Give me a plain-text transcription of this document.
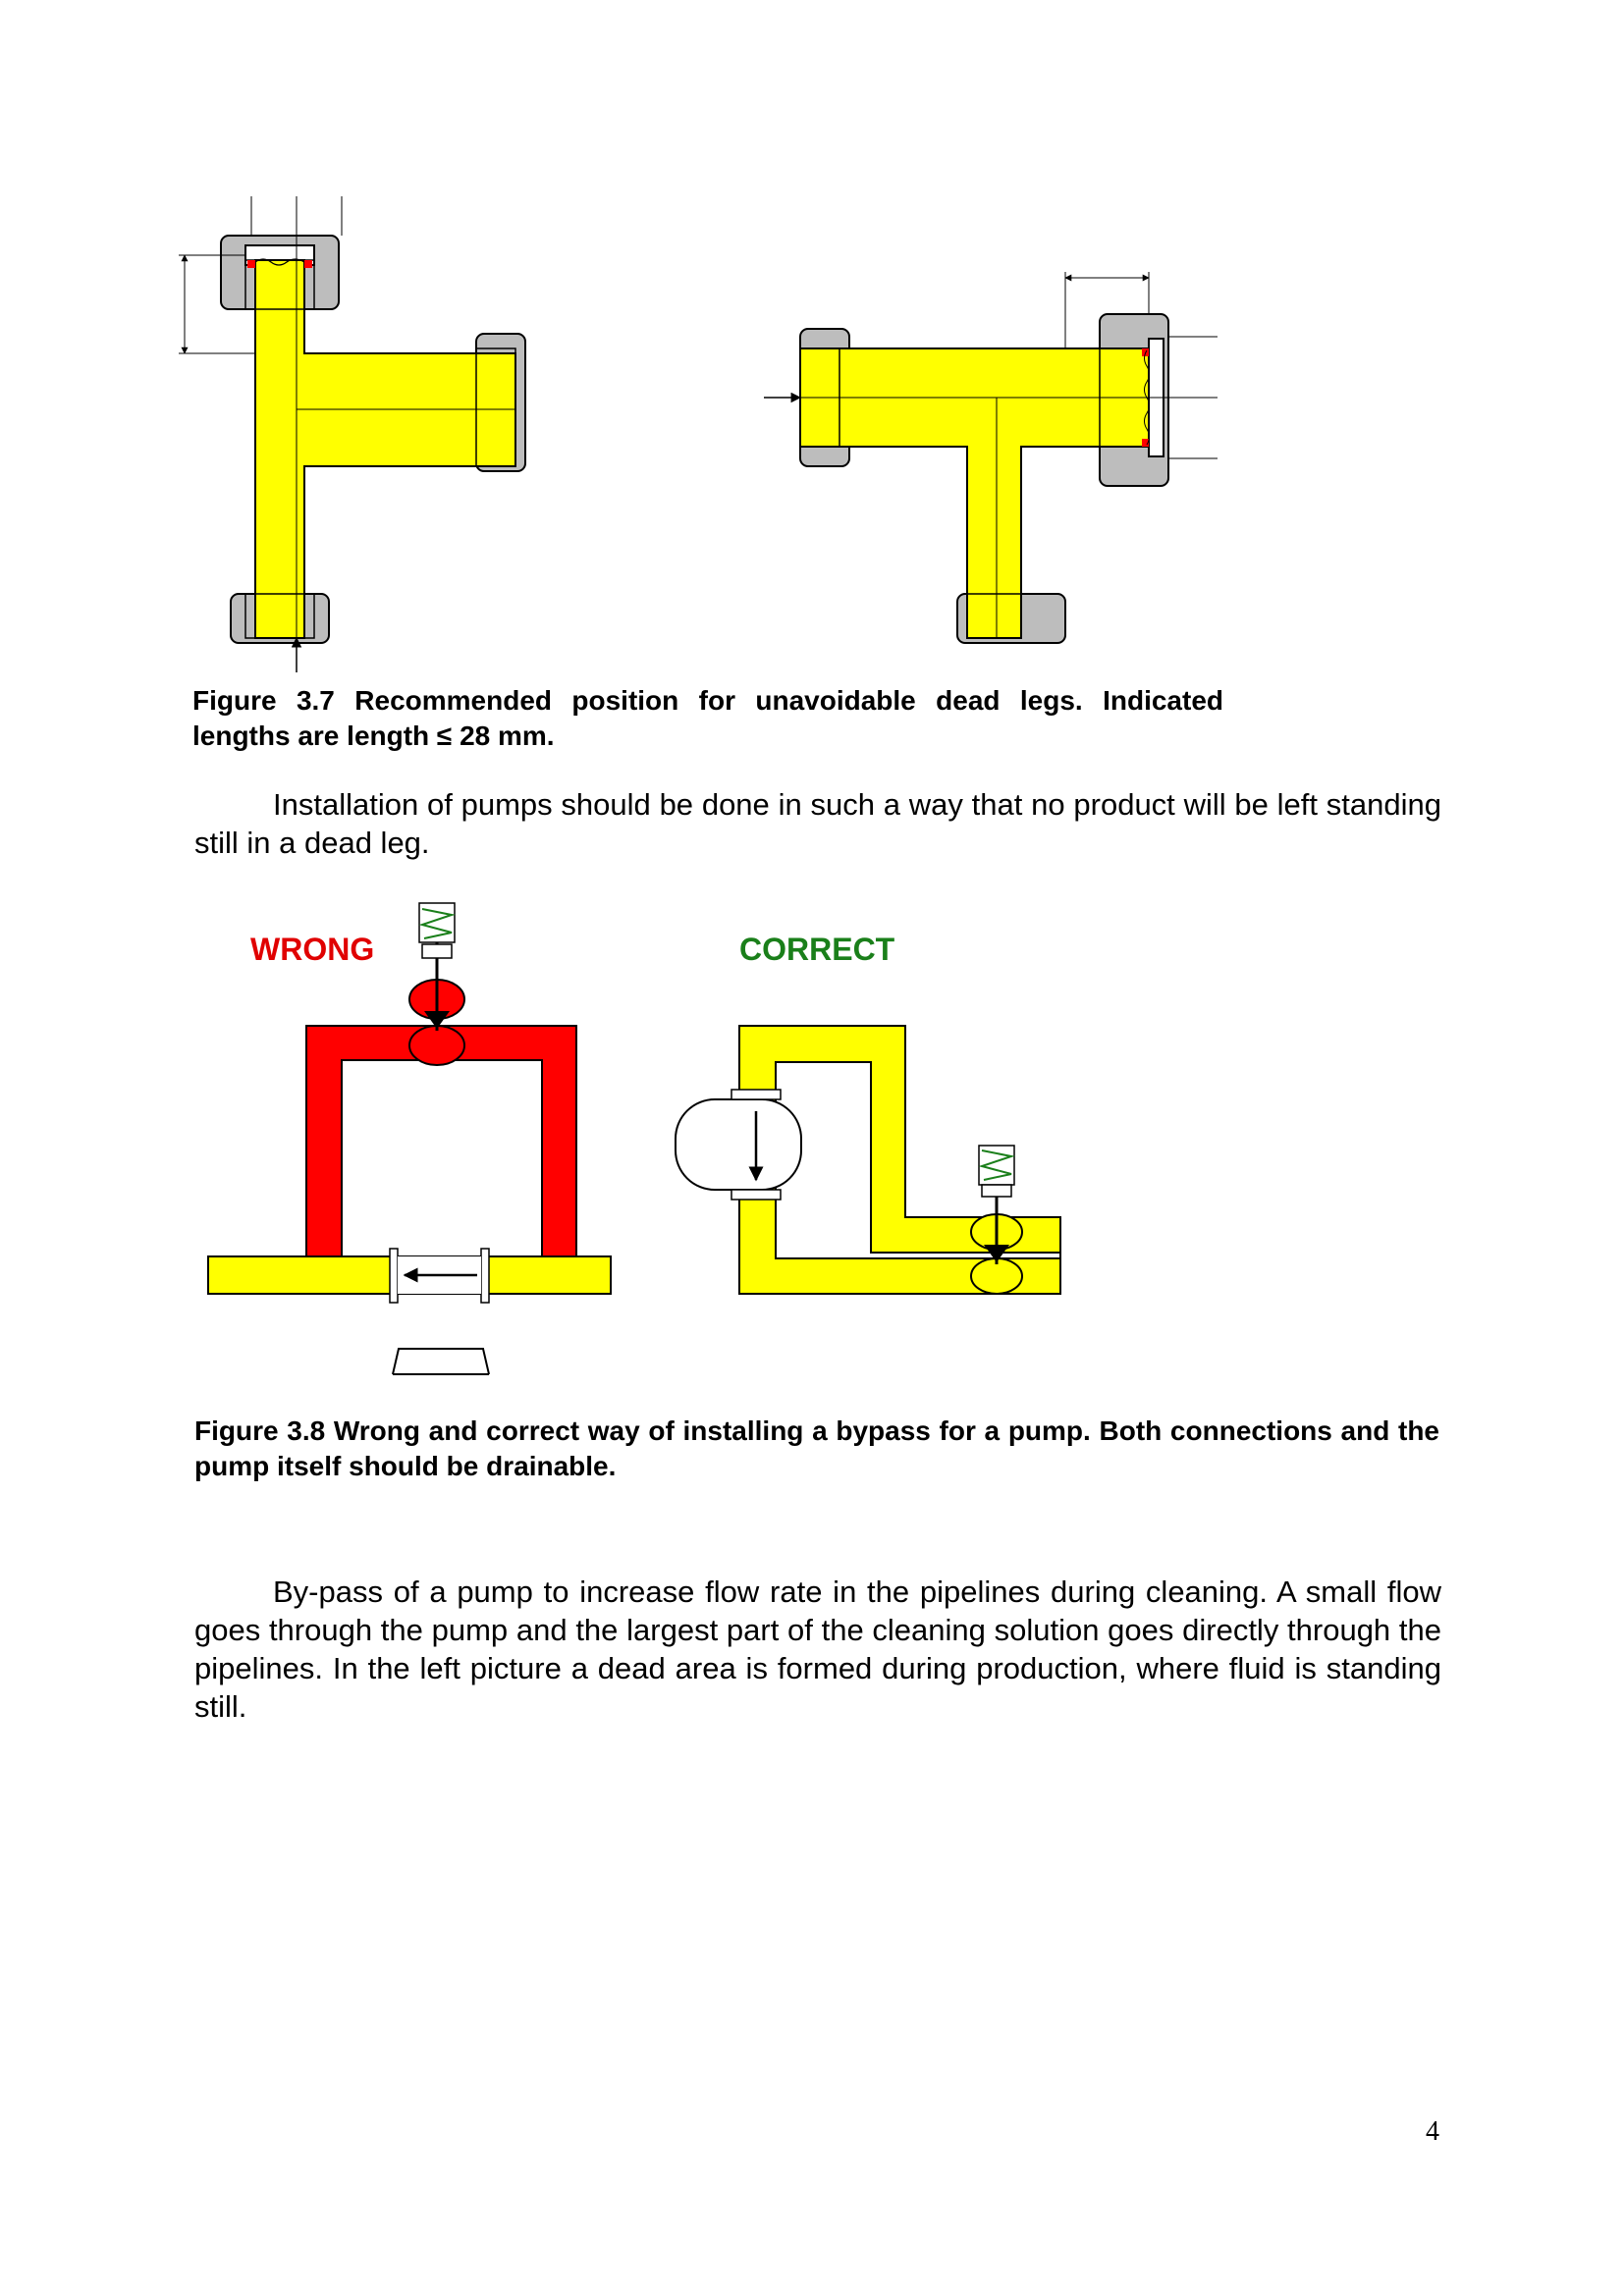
Figure 3.7 Recommended position for unavoidable dead legs. Indicated lengths are length ≤ 28 mm.

Installation of pumps should be done in such a way that no product will be left standing still in a dead leg.

WRONG	CORRECT

Figure 3.8 Wrong and correct way of installing a bypass for a pump. Both connections and the pump itself should be drainable.

By-pass of a pump to increase flow rate in the pipelines during cleaning. A small flow goes through the pump and the largest part of the cleaning solution goes directly through the pipelines. In the left picture a dead area is formed during production, where fluid is standing still.

4
